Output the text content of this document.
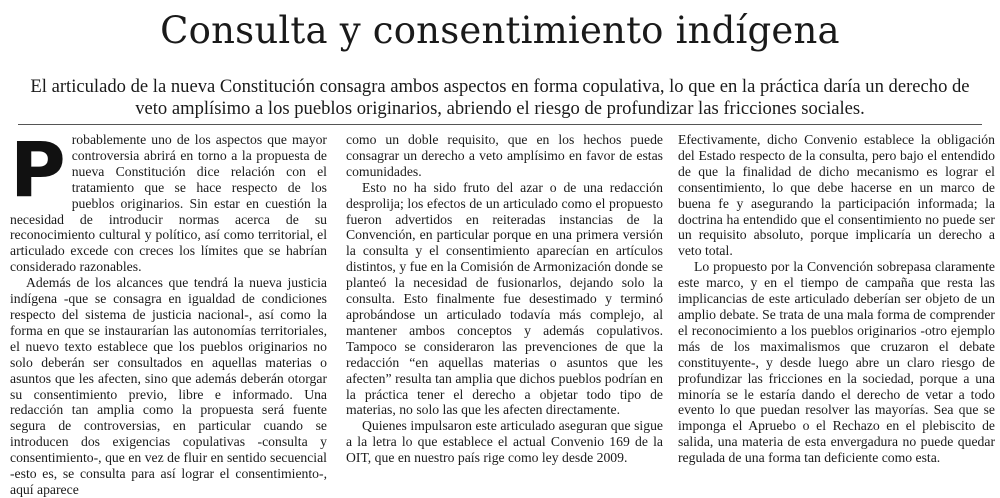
Consulta y consentimiento indígena

El articulado de la nueva Constitución consagra ambos aspectos en forma copulativa, lo que en la práctica daría un derecho de veto amplísimo a los pueblos originarios, abriendo el riesgo de profundizar las fricciones sociales.

Probablemente uno de los aspectos que mayor controversia abrirá en torno a la propuesta de nueva Constitución dice relación con el tratamiento que se hace respecto de los pueblos originarios. Sin estar en cuestión la necesidad de introducir normas acerca de su reconocimiento cultural y político, así como territorial, el articulado excede con creces los límites que se habrían considerado razonables.

Además de los alcances que tendrá la nueva justicia indígena -que se consagra en igualdad de condiciones respecto del sistema de justicia nacional-, así como la forma en que se instaurarían las autonomías territoriales, el nuevo texto establece que los pueblos originarios no solo deberán ser consultados en aquellas materias o asuntos que les afecten, sino que además deberán otorgar su consentimiento previo, libre e informado. Una redacción tan amplia como la propuesta será fuente segura de controversias, en particular cuando se introducen dos exigencias copulativas -consulta y consentimiento-, que en vez de fluir en sentido secuencial -esto es, se consulta para así lograr el consentimiento-, aquí aparece

como un doble requisito, que en los hechos puede consagrar un derecho a veto amplísimo en favor de estas comunidades.

Esto no ha sido fruto del azar o de una redacción desprolija; los efectos de un articulado como el propuesto fueron advertidos en reiteradas instancias de la Convención, en particular porque en una primera versión la consulta y el consentimiento aparecían en artículos distintos, y fue en la Comisión de Armonización donde se planteó la necesidad de fusionarlos, dejando solo la consulta. Esto finalmente fue desestimado y terminó aprobándose un articulado todavía más complejo, al mantener ambos conceptos y además copulativos. Tampoco se consideraron las prevenciones de que la redacción “en aquellas materias o asuntos que les afecten” resulta tan amplia que dichos pueblos podrían en la práctica tener el derecho a objetar todo tipo de materias, no solo las que les afecten directamente.

Quienes impulsaron este articulado aseguran que sigue a la letra lo que establece el actual Convenio 169 de la OIT, que en nuestro país rige como ley desde 2009.

Efectivamente, dicho Convenio establece la obligación del Estado respecto de la consulta, pero bajo el entendido de que la finalidad de dicho mecanismo es lograr el consentimiento, lo que debe hacerse en un marco de buena fe y asegurando la participación informada; la doctrina ha entendido que el consentimiento no puede ser un requisito absoluto, porque implicaría un derecho a veto total.

Lo propuesto por la Convención sobrepasa claramente este marco, y en el tiempo de campaña que resta las implicancias de este articulado deberían ser objeto de un amplio debate. Se trata de una mala forma de comprender el reconocimiento a los pueblos originarios -otro ejemplo más de los maximalismos que cruzaron el debate constituyente-, y desde luego abre un claro riesgo de profundizar las fricciones en la sociedad, porque a una minoría se le estaría dando el derecho de vetar a todo evento lo que puedan resolver las mayorías. Sea que se imponga el Apruebo o el Rechazo en el plebiscito de salida, una materia de esta envergadura no puede quedar regulada de una forma tan deficiente como esta.
